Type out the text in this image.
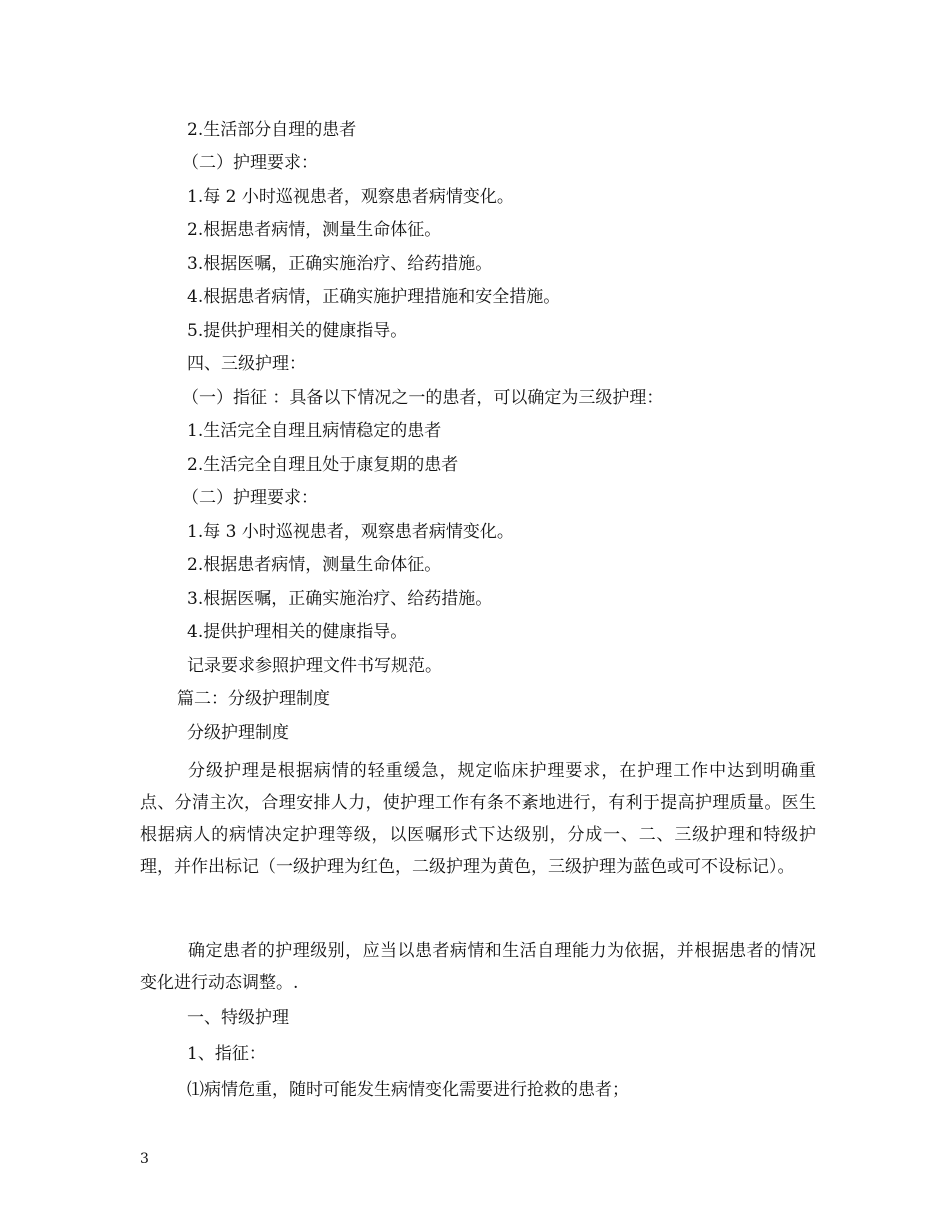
2.生活部分自理的患者
（二）护理要求：
1.每 2 小时巡视患者，观察患者病情变化。
2.根据患者病情，测量生命体征。
3.根据医嘱，正确实施治疗、给药措施。
4.根据患者病情，正确实施护理措施和安全措施。
5.提供护理相关的健康指导。
四、三级护理：
（一）指征 ：具备以下情况之一的患者，可以确定为三级护理：
1.生活完全自理且病情稳定的患者
2.生活完全自理且处于康复期的患者
（二）护理要求：
1.每 3 小时巡视患者，观察患者病情变化。
2.根据患者病情，测量生命体征。
3.根据医嘱，正确实施治疗、给药措施。
4.提供护理相关的健康指导。
记录要求参照护理文件书写规范。
篇二：分级护理制度
分级护理制度
分级护理是根据病情的轻重缓急，规定临床护理要求，在护理工作中达到明确重点、分清主次，合理安排人力，使护理工作有条不紊地进行，有利于提高护理质量。医生根据病人的病情决定护理等级，以医嘱形式下达级别，分成一、二、三级护理和特级护理，并作出标记（一级护理为红色，二级护理为黄色，三级护理为蓝色或可不设标记）。
确定患者的护理级别，应当以患者病情和生活自理能力为依据，并根据患者的情况变化进行动态调整。.
一、特级护理
1、指征：
⑴病情危重，随时可能发生病情变化需要进行抢救的患者；
3
